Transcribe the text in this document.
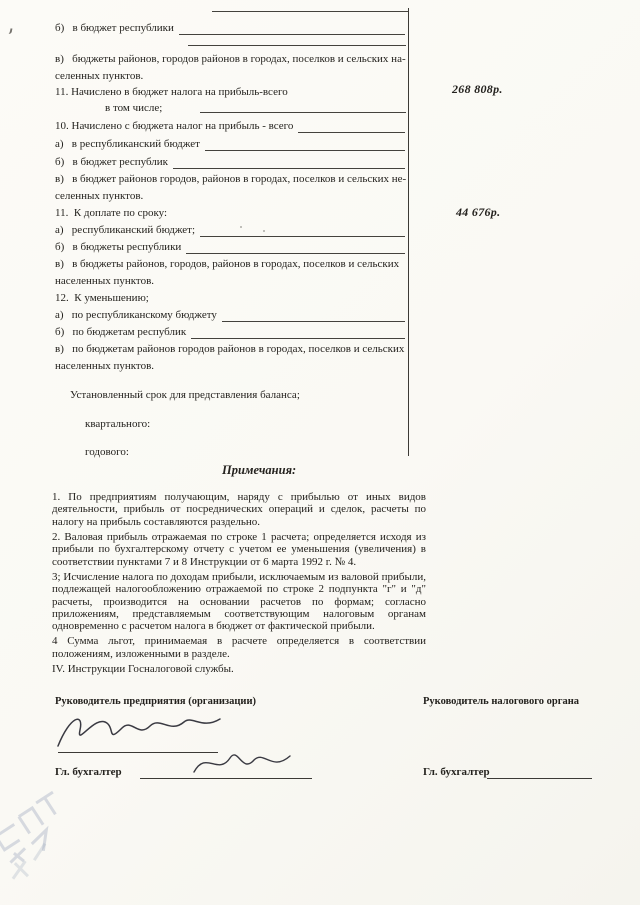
б)   в бюджет республики
в)   бюджеты районов, городов районов в городах, поселков и сельских на-
селенных пунктов.
11. Начислено в бюджет налога на прибыль-всего	268 808р.
в том числе;
10. Начислено с бюджета налог на прибыль - всего
а)   в республиканский бюджет
б)   в бюджет республик
в)   в бюджет районов городов, районов в городах, поселков и сельских не-
селенных пунктов.
11.  К доплате по сроку:	44 676р.
а)   республиканский бюджет;
б)   в бюджеты республики
в)   в бюджеты районов, городов, районов в городах, поселков и сельских
населенных пунктов.
12.  К уменьшению;
а)   по республиканскому бюджету
б)   по бюджетам республик
в)   по бюджетам районов городов районов в городах, поселков и сельских
населенных пунктов.
Установленный срок для представления баланса;
квартального:
годового:
Примечания:

1. По предприятиям получающим, наряду с прибылью от иных видов деятельности, прибыль от посреднических операций и сделок, расчеты по налогу на прибыль составляются раздельно.

2. Валовая прибыль отражаемая по строке 1 расчета; определяется исходя из прибыли по бухгалтерскому отчету с учетом ее уменьшения (увеличения) в соответствии пунктами 7 и 8 Инструкции от 6 марта 1992 г. № 4.

3; Исчисление налога по доходам прибыли, исключаемым из валовой прибыли, подлежащей налогообложению отражаемой по строке 2 подпункта "г" и "д" расчеты, производится на основании расчетов по формам; согласно приложениям, представляемым соответствующим налоговым органам одновременно с расчетом налога в бюджет от фактической прибыли.

4 Сумма льгот, принимаемая в расчете определяется в соответствии положениям, изложенными в разделе.

IV. Инструкции Госналоговой службы.

Руководитель предприятия (организации)	Руководитель налогового органа
Гл. бухгалтер	Гл. бухгалтер
